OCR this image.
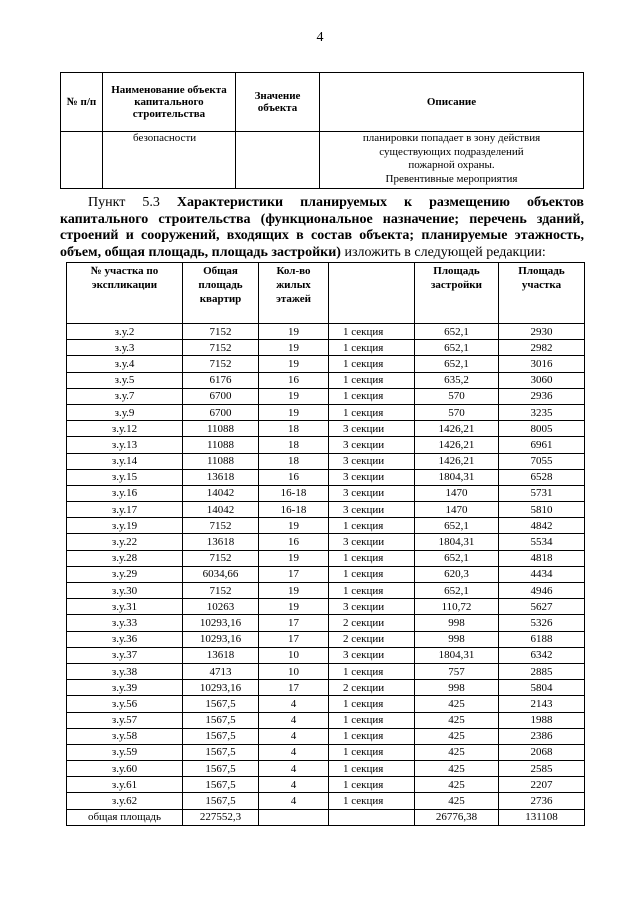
4
№ п/п	Наименование объекта капитального строительства	Значение объекта	Описание
	безопасности		планировки попадает в зону действия
существующих подразделений
пожарной охраны.
Превентивные мероприятия
Пункт 5.3 Характеристики планируемых к размещению объектов капитального строительства (функциональное назначение; перечень зданий, строений и сооружений, входящих в состав объекта; планируемые этажность, объем, общая площадь, площадь застройки) изложить в следующей редакции:
№ участка по экспликации	Общая площадь квартир	Кол-во жилых этажей		Площадь застройки	Площадь участка
з.у.2	7152	19	1 секция	652,1	2930
з.у.3	7152	19	1 секция	652,1	2982
з.у.4	7152	19	1 секция	652,1	3016
з.у.5	6176	16	1 секция	635,2	3060
з.у.7	6700	19	1 секция	570	2936
з.у.9	6700	19	1 секция	570	3235
з.у.12	11088	18	3 секции	1426,21	8005
з.у.13	11088	18	3 секции	1426,21	6961
з.у.14	11088	18	3 секции	1426,21	7055
з.у.15	13618	16	3 секции	1804,31	6528
з.у.16	14042	16-18	3 секции	1470	5731
з.у.17	14042	16-18	3 секции	1470	5810
з.у.19	7152	19	1 секция	652,1	4842
з.у.22	13618	16	3 секции	1804,31	5534
з.у.28	7152	19	1 секция	652,1	4818
з.у.29	6034,66	17	1 секция	620,3	4434
з.у.30	7152	19	1 секция	652,1	4946
з.у.31	10263	19	3 секции	110,72	5627
з.у.33	10293,16	17	2 секции	998	5326
з.у.36	10293,16	17	2 секции	998	6188
з.у.37	13618	10	3 секции	1804,31	6342
з.у.38	4713	10	1 секция	757	2885
з.у.39	10293,16	17	2 секции	998	5804
з.у.56	1567,5	4	1 секция	425	2143
з.у.57	1567,5	4	1 секция	425	1988
з.у.58	1567,5	4	1 секция	425	2386
з.у.59	1567,5	4	1 секция	425	2068
з.у.60	1567,5	4	1 секция	425	2585
з.у.61	1567,5	4	1 секция	425	2207
з.у.62	1567,5	4	1 секция	425	2736
общая площадь	227552,3			26776,38	131108
